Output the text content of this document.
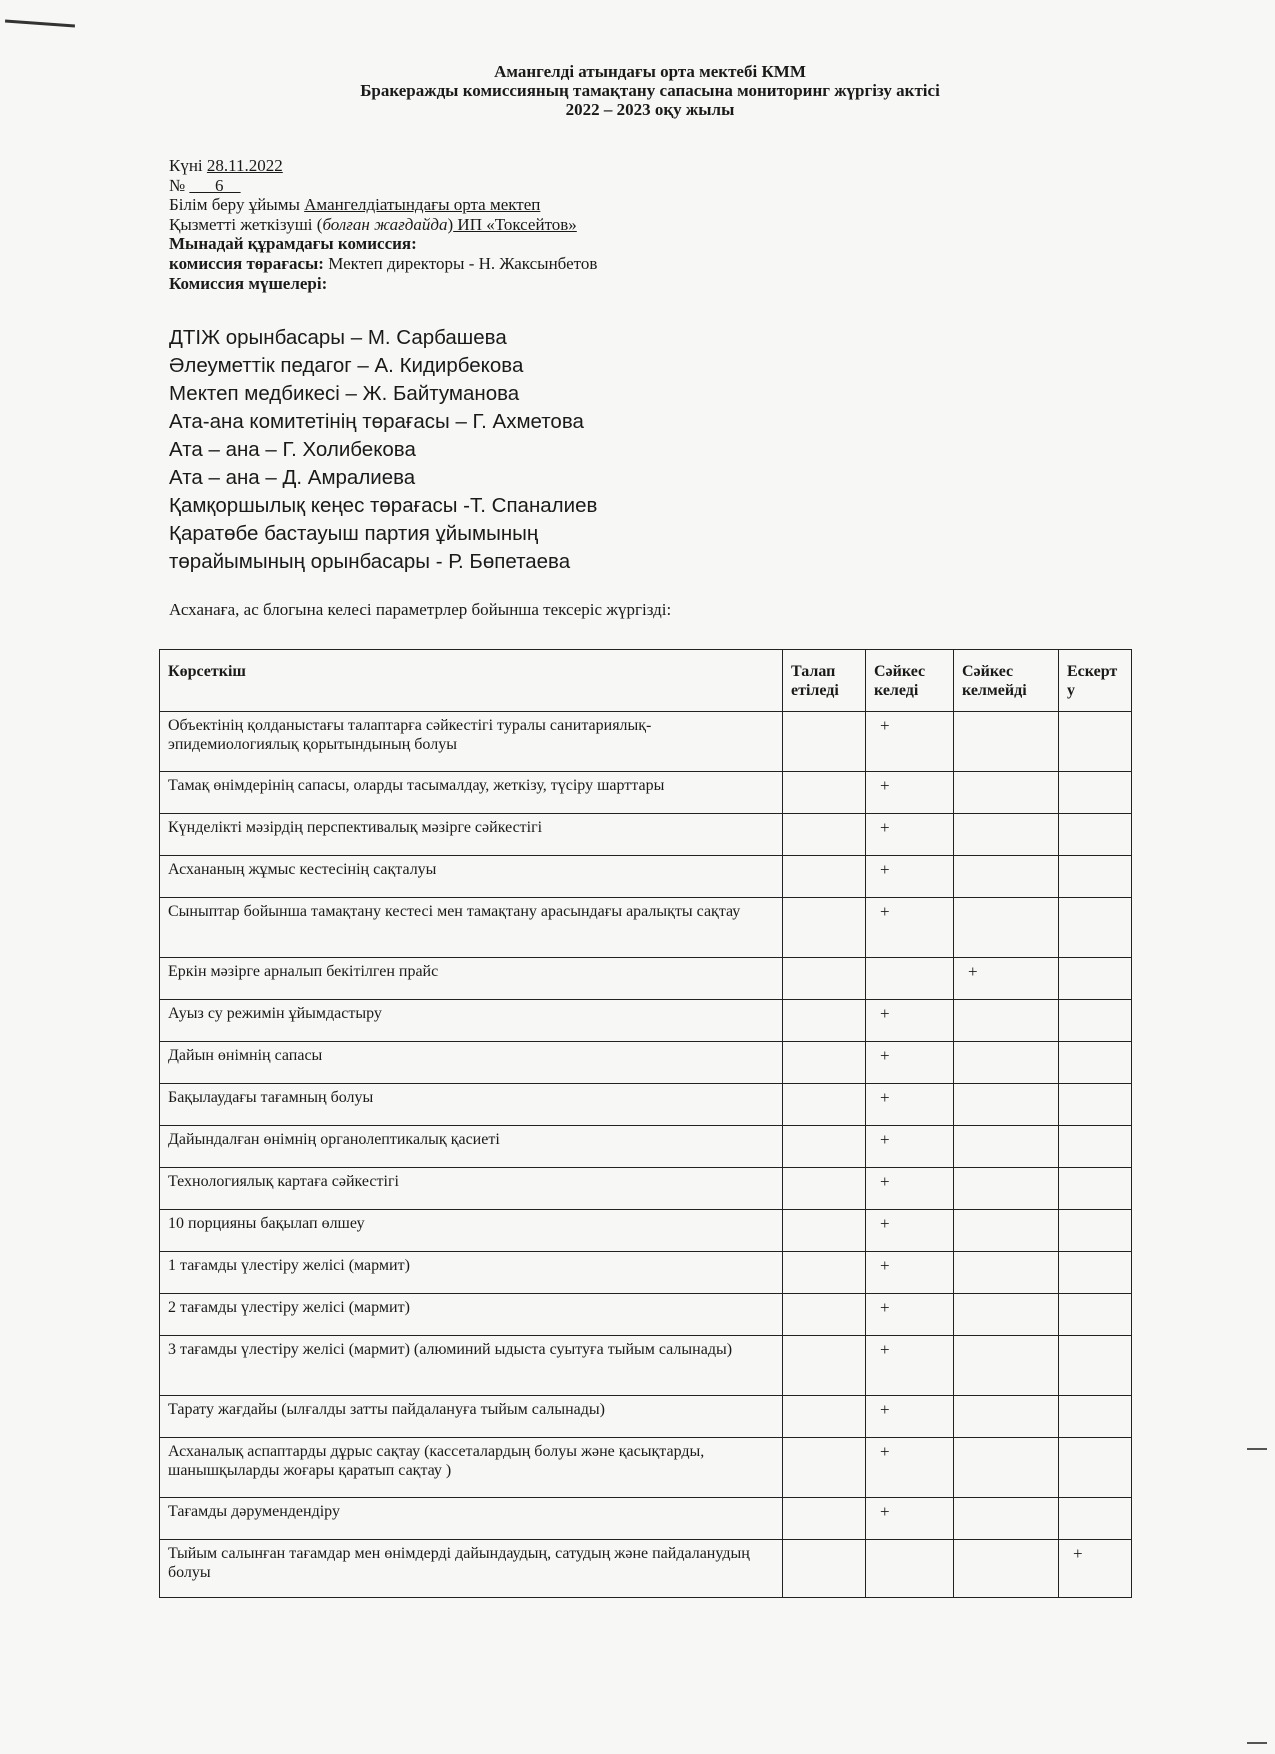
Амангелді атындағы орта мектебі КММ
Бракеражды комиссияның тамақтану сапасына мониторинг жүргізу актісі
2022 – 2023 оқу жылы
Күні 28.11.2022
№ ___6__
Білім беру ұйымы Амангелдіатындағы орта мектеп
Қызметті жеткізуші (болған жағдайда) ИП «Токсейтов»
Мынадай құрамдағы комиссия:
комиссия төрағасы: Мектеп директоры - Н. Жаксынбетов
Комиссия мүшелері:
ДТІЖ орынбасары – М. Сарбашева
Әлеуметтік педагог – А. Кидирбекова
Мектеп медбикесі – Ж. Байтуманова
Ата-ана комитетінің төрағасы – Г. Ахметова
Ата – ана – Г. Холибекова
Ата – ана – Д. Амралиева
Қамқоршылық кеңес төрағасы -Т. Спаналиев
Қаратөбе бастауыш партия ұйымының
төрайымының орынбасары - Р. Бөпетаева
Асханаға, ас блогына келесі параметрлер бойынша тексеріс жүргізді:
Көрсеткіш	Талап етіледі	Сәйкес келеді	Сәйкес келмейді	Ескерт у
Объектінің қолданыстағы талаптарға сәйкестігі туралы санитариялық-эпидемиологиялық қорытындының болуы		+		
Тамақ өнімдерінің сапасы, оларды тасымалдау, жеткізу, түсіру шарттары		+		
Күнделікті мәзірдің перспективалық мәзірге сәйкестігі		+		
Асхананың жұмыс кестесінің сақталуы		+		
Сыныптар бойынша тамақтану кестесі мен тамақтану арасындағы аралықты сақтау		+		
Еркін мәзірге арналып бекітілген прайс			+	
Ауыз су режимін ұйымдастыру		+		
Дайын өнімнің сапасы		+		
Бақылаудағы тағамның болуы		+		
Дайындалған өнімнің органолептикалық қасиеті		+		
Технологиялық картаға сәйкестігі		+		
10 порцияны бақылап өлшеу		+		
1 тағамды үлестіру желісі (мармит)		+		
2 тағамды үлестіру желісі (мармит)		+		
3 тағамды үлестіру желісі (мармит) (алюминий ыдыста суытуға тыйым салынады)		+		
Тарату жағдайы (ылғалды затты пайдалануға тыйым салынады)		+		
Асханалық аспаптарды дұрыс сақтау (кассеталардың болуы және қасықтарды, шанышқыларды жоғары қаратып сақтау )		+		
Тағамды дәрумендендіру		+		
Тыйым салынған тағамдар мен өнімдерді дайындаудың, сатудың және пайдаланудың болуы				+
